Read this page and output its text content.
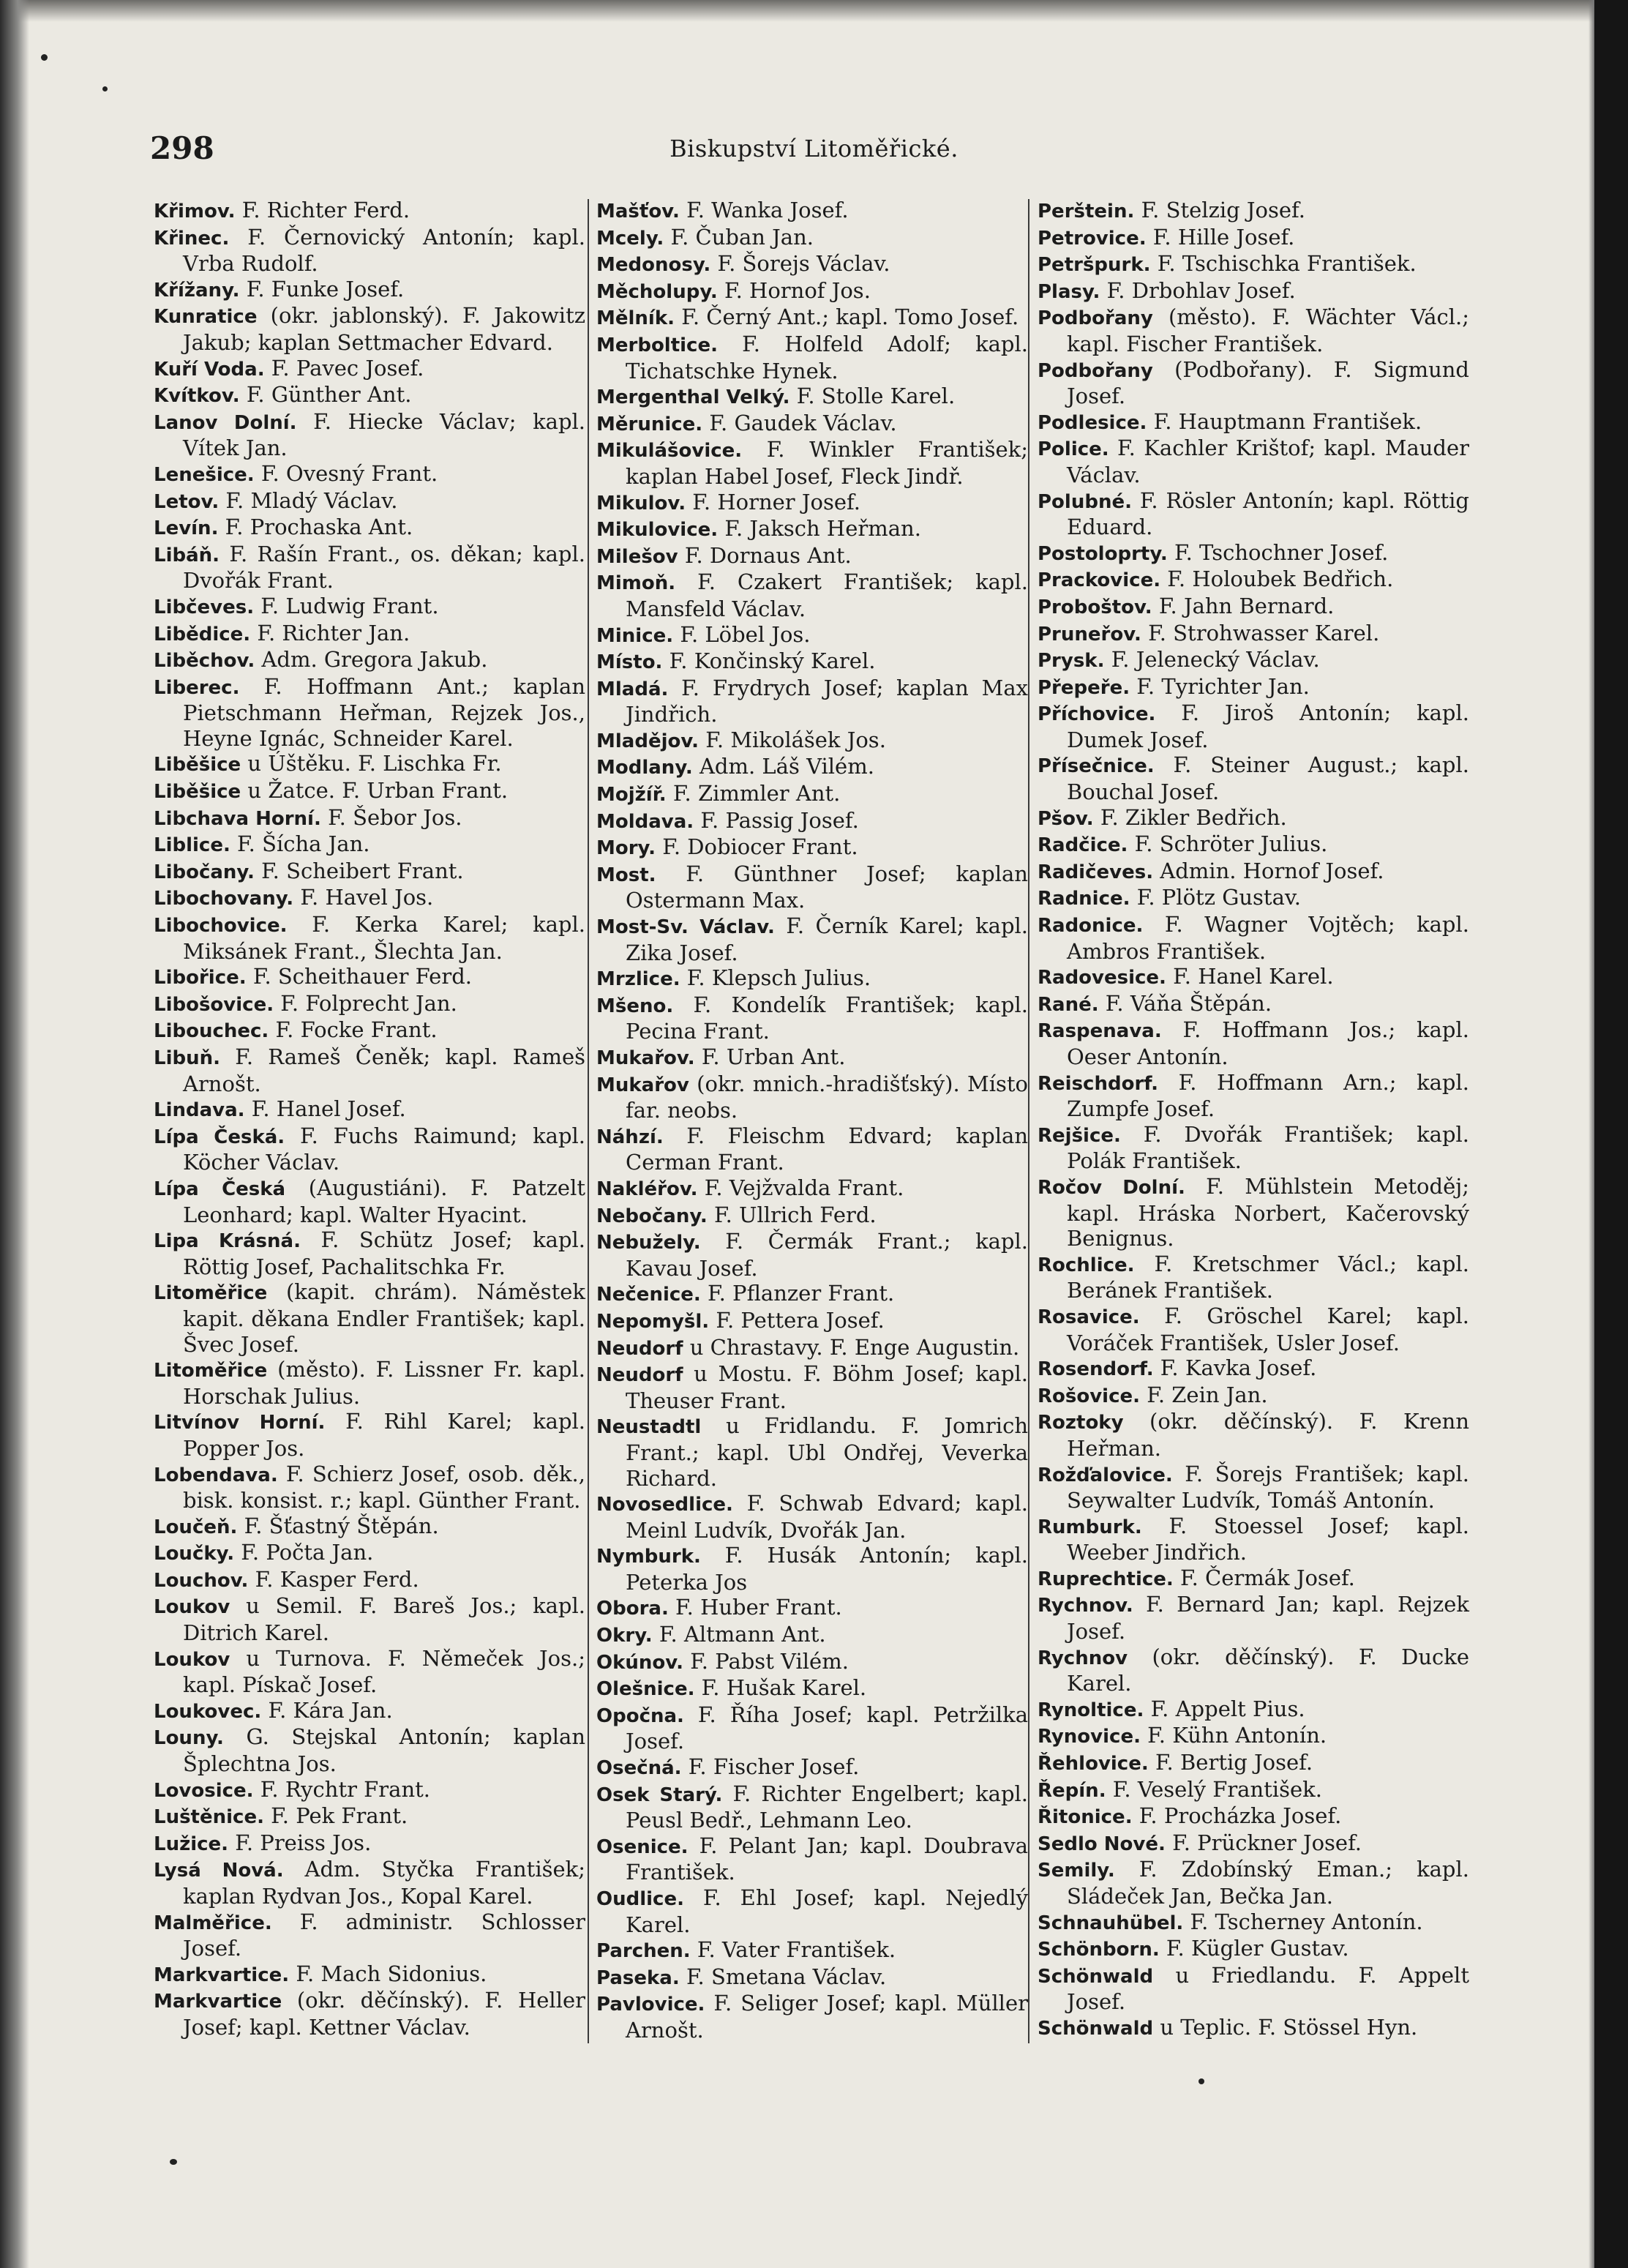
298	Biskupství Litoměřické.
Křimov. F. Richter Ferd.
Křinec. F. Černovický Antonín; kapl. Vrba Rudolf.
Křížany. F. Funke Josef.
Kunratice (okr. jablonský). F. Jakowitz Jakub; kaplan Settmacher Edvard.
Kuří Voda. F. Pavec Josef.
Kvítkov. F. Günther Ant.
Lanov Dolní. F. Hiecke Václav; kapl. Vítek Jan.
Lenešice. F. Ovesný Frant.
Letov. F. Mladý Václav.
Levín. F. Prochaska Ant.
Libáň. F. Rašín Frant., os. děkan; kapl. Dvořák Frant.
Libčeves. F. Ludwig Frant.
Libědice. F. Richter Jan.
Liběchov. Adm. Gregora Jakub.
Liberec. F. Hoffmann Ant.; kaplan Pietschmann Heřman, Rejzek Jos., Heyne Ignác, Schneider Karel.
Liběšice u Úštěku. F. Lischka Fr.
Liběšice u Žatce. F. Urban Frant.
Libchava Horní. F. Šebor Jos.
Liblice. F. Šícha Jan.
Libočany. F. Scheibert Frant.
Libochovany. F. Havel Jos.
Libochovice. F. Kerka Karel; kapl. Miksánek Frant., Šlechta Jan.
Libořice. F. Scheithauer Ferd.
Libošovice. F. Folprecht Jan.
Libouchec. F. Focke Frant.
Libuň. F. Rameš Čeněk; kapl. Rameš Arnošt.
Lindava. F. Hanel Josef.
Lípa Česká. F. Fuchs Raimund; kapl. Köcher Václav.
Lípa Česká (Augustiáni). F. Patzelt Leonhard; kapl. Walter Hyacint.
Lipa Krásná. F. Schütz Josef; kapl. Röttig Josef, Pachalitschka Fr.
Litoměřice (kapit. chrám). Náměstek kapit. děkana Endler František; kapl. Švec Josef.
Litoměřice (město). F. Lissner Fr. kapl. Horschak Julius.
Litvínov Horní. F. Rihl Karel; kapl. Popper Jos.
Lobendava. F. Schierz Josef, osob. děk., bisk. konsist. r.; kapl. Günther Frant.
Loučeň. F. Šťastný Štěpán.
Loučky. F. Počta Jan.
Louchov. F. Kasper Ferd.
Loukov u Semil. F. Bareš Jos.; kapl. Ditrich Karel.
Loukov u Turnova. F. Němeček Jos.; kapl. Pískač Josef.
Loukovec. F. Kára Jan.
Louny. G. Stejskal Antonín; kaplan Šplechtna Jos.
Lovosice. F. Rychtr Frant.
Luštěnice. F. Pek Frant.
Lužice. F. Preiss Jos.
Lysá Nová. Adm. Styčka František; kaplan Rydvan Jos., Kopal Karel.
Malměřice. F. administr. Schlosser Josef.
Markvartice. F. Mach Sidonius.
Markvartice (okr. děčínský). F. Heller Josef; kapl. Kettner Václav.
Mašťov. F. Wanka Josef.
Mcely. F. Čuban Jan.
Medonosy. F. Šorejs Václav.
Měcholupy. F. Hornof Jos.
Mělník. F. Černý Ant.; kapl. Tomo Josef.
Merboltice. F. Holfeld Adolf; kapl. Tichatschke Hynek.
Mergenthal Velký. F. Stolle Karel.
Měrunice. F. Gaudek Václav.
Mikulášovice. F. Winkler František; kaplan Habel Josef, Fleck Jindř.
Mikulov. F. Horner Josef.
Mikulovice. F. Jaksch Heřman.
Milešov F. Dornaus Ant.
Mimoň. F. Czakert František; kapl. Mansfeld Václav.
Minice. F. Löbel Jos.
Místo. F. Končinský Karel.
Mladá. F. Frydrych Josef; kaplan Max Jindřich.
Mladějov. F. Mikolášek Jos.
Modlany. Adm. Láš Vilém.
Mojžíř. F. Zimmler Ant.
Moldava. F. Passig Josef.
Mory. F. Dobiocer Frant.
Most. F. Günthner Josef; kaplan Ostermann Max.
Most-Sv. Václav. F. Černík Karel; kapl. Zika Josef.
Mrzlice. F. Klepsch Julius.
Mšeno. F. Kondelík František; kapl. Pecina Frant.
Mukařov. F. Urban Ant.
Mukařov (okr. mnich.-hradišťský). Místo far. neobs.
Náhzí. F. Fleischm Edvard; kaplan Cerman Frant.
Nakléřov. F. Vejžvalda Frant.
Nebočany. F. Ullrich Ferd.
Nebužely. F. Čermák Frant.; kapl. Kavau Josef.
Nečenice. F. Pflanzer Frant.
Nepomyšl. F. Pettera Josef.
Neudorf u Chrastavy. F. Enge Augustin.
Neudorf u Mostu. F. Böhm Josef; kapl. Theuser Frant.
Neustadtl u Fridlandu. F. Jomrich Frant.; kapl. Ubl Ondřej, Veverka Richard.
Novosedlice. F. Schwab Edvard; kapl. Meinl Ludvík, Dvořák Jan.
Nymburk. F. Husák Antonín; kapl. Peterka Jos
Obora. F. Huber Frant.
Okry. F. Altmann Ant.
Okúnov. F. Pabst Vilém.
Olešnice. F. Hušak Karel.
Opočna. F. Říha Josef; kapl. Petržilka Josef.
Osečná. F. Fischer Josef.
Osek Starý. F. Richter Engelbert; kapl. Peusl Bedř., Lehmann Leo.
Osenice. F. Pelant Jan; kapl. Doubrava František.
Oudlice. F. Ehl Josef; kapl. Nejedlý Karel.
Parchen. F. Vater František.
Paseka. F. Smetana Václav.
Pavlovice. F. Seliger Josef; kapl. Müller Arnošt.
Perštein. F. Stelzig Josef.
Petrovice. F. Hille Josef.
Petršpurk. F. Tschischka František.
Plasy. F. Drbohlav Josef.
Podbořany (město). F. Wächter Václ.; kapl. Fischer František.
Podbořany (Podbořany). F. Sigmund Josef.
Podlesice. F. Hauptmann František.
Police. F. Kachler Krištof; kapl. Mauder Václav.
Polubné. F. Rösler Antonín; kapl. Röttig Eduard.
Postoloprty. F. Tschochner Josef.
Prackovice. F. Holoubek Bedřich.
Proboštov. F. Jahn Bernard.
Pruneřov. F. Strohwasser Karel.
Prysk. F. Jelenecký Václav.
Přepeře. F. Tyrichter Jan.
Příchovice. F. Jiroš Antonín; kapl. Dumek Josef.
Přísečnice. F. Steiner August.; kapl. Bouchal Josef.
Pšov. F. Zikler Bedřich.
Radčice. F. Schröter Julius.
Radičeves. Admin. Hornof Josef.
Radnice. F. Plötz Gustav.
Radonice. F. Wagner Vojtěch; kapl. Ambros František.
Radovesice. F. Hanel Karel.
Rané. F. Váňa Štěpán.
Raspenava. F. Hoffmann Jos.; kapl. Oeser Antonín.
Reischdorf. F. Hoffmann Arn.; kapl. Zumpfe Josef.
Rejšice. F. Dvořák František; kapl. Polák František.
Ročov Dolní. F. Mühlstein Metoděj; kapl. Hráska Norbert, Kačerovský Benignus.
Rochlice. F. Kretschmer Václ.; kapl. Beránek František.
Rosavice. F. Gröschel Karel; kapl. Voráček František, Usler Josef.
Rosendorf. F. Kavka Josef.
Rošovice. F. Zein Jan.
Roztoky (okr. děčínský). F. Krenn Heřman.
Rožďalovice. F. Šorejs František; kapl. Seywalter Ludvík, Tomáš Antonín.
Rumburk. F. Stoessel Josef; kapl. Weeber Jindřich.
Ruprechtice. F. Čermák Josef.
Rychnov. F. Bernard Jan; kapl. Rejzek Josef.
Rychnov (okr. děčínský). F. Ducke Karel.
Rynoltice. F. Appelt Pius.
Rynovice. F. Kühn Antonín.
Řehlovice. F. Bertig Josef.
Řepín. F. Veselý František.
Řitonice. F. Procházka Josef.
Sedlo Nové. F. Prückner Josef.
Semily. F. Zdobínský Eman.; kapl. Sládeček Jan, Bečka Jan.
Schnauhübel. F. Tscherney Antonín.
Schönborn. F. Kügler Gustav.
Schönwald u Friedlandu. F. Appelt Josef.
Schönwald u Teplic. F. Stössel Hyn.
